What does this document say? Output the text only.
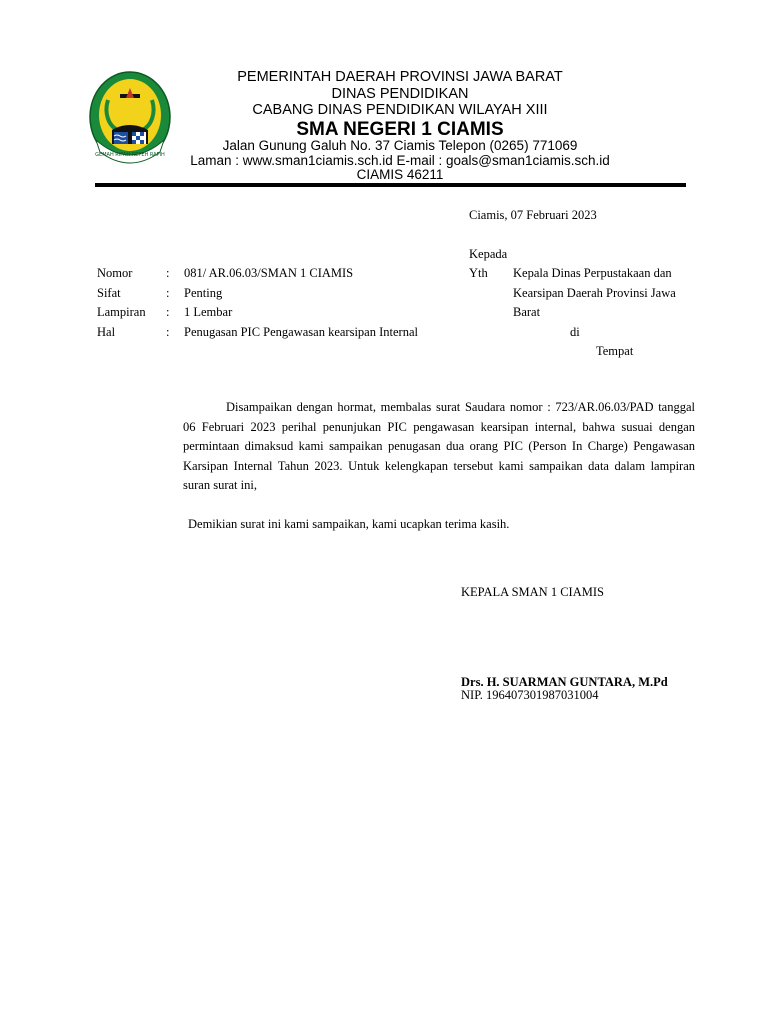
GEMAH RIPAH REPEH RAPIH
PEMERINTAH DAERAH PROVINSI JAWA BARAT
DINAS PENDIDIKAN
CABANG DINAS PENDIDIKAN WILAYAH XIII
SMA NEGERI 1 CIAMIS
Jalan Gunung Galuh No. 37 Ciamis Telepon (0265) 771069
Laman : www.sman1ciamis.sch.id E-mail : goals@sman1ciamis.sch.id
CIAMIS 46211
Ciamis, 07 Februari 2023
Kepada
Yth Kepala Dinas Perpustakaan dan
Kearsipan Daerah Provinsi Jawa
Barat
di
Tempat
Nomor	: 081/ AR.06.03/SMAN 1 CIAMIS
Sifat	: Penting
Lampiran : 1 Lembar
Hal	: Penugasan PIC Pengawasan kearsipan Internal
Disampaikan dengan hormat, membalas surat Saudara nomor : 723/AR.06.03/PAD tanggal 06 Februari 2023 perihal penunjukan PIC pengawasan kearsipan internal, bahwa susuai dengan permintaan dimaksud kami sampaikan penugasan dua orang PIC (Person In Charge) Pengawasan Karsipan Internal Tahun 2023. Untuk kelengkapan tersebut kami sampaikan data dalam lampiran suran surat ini,
Demikian surat ini kami sampaikan, kami ucapkan terima kasih.
KEPALA SMAN 1 CIAMIS
Drs. H. SUARMAN GUNTARA, M.Pd
NIP. 196407301987031004
